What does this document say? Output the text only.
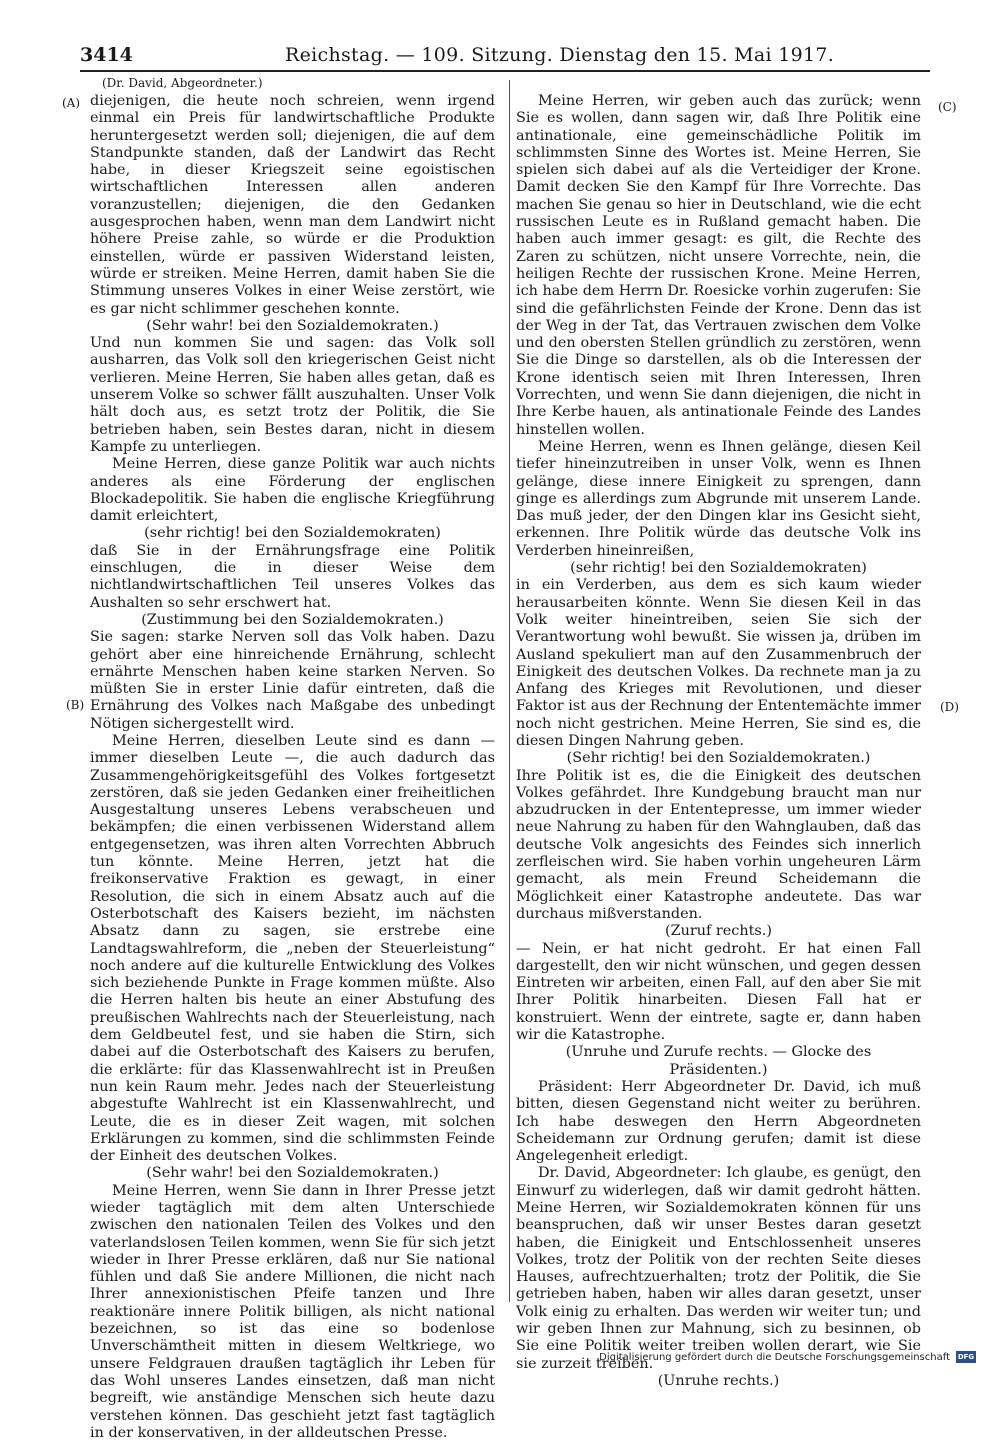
3414	Reichstag. — 109. Sitzung. Dienstag den 15. Mai 1917.
(Dr. David, Abgeordneter.)
(A)
(B)
(C)
(D)

diejenigen, die heute noch schreien, wenn irgend einmal ein Preis für landwirtschaftliche Produkte heruntergesetzt werden soll; diejenigen, die auf dem Standpunkte standen, daß der Landwirt das Recht habe, in dieser Kriegszeit seine egoistischen wirtschaftlichen Interessen allen anderen voranzustellen; diejenigen, die den Gedanken ausgesprochen haben, wenn man dem Landwirt nicht höhere Preise zahle, so würde er die Produktion einstellen, würde er passiven Widerstand leisten, würde er streiken. Meine Herren, damit haben Sie die Stimmung unseres Volkes in einer Weise zerstört, wie es gar nicht schlimmer geschehen konnte.

(Sehr wahr! bei den Sozialdemokraten.)

Und nun kommen Sie und sagen: das Volk soll ausharren, das Volk soll den kriegerischen Geist nicht verlieren. Meine Herren, Sie haben alles getan, daß es unserem Volke so schwer fällt auszuhalten. Unser Volk hält doch aus, es setzt trotz der Politik, die Sie betrieben haben, sein Bestes daran, nicht in diesem Kampfe zu unterliegen.

Meine Herren, diese ganze Politik war auch nichts anderes als eine Förderung der englischen Blockadepolitik. Sie haben die englische Kriegführung damit erleichtert,

(sehr richtig! bei den Sozialdemokraten)

daß Sie in der Ernährungsfrage eine Politik einschlugen, die in dieser Weise dem nichtlandwirtschaftlichen Teil unseres Volkes das Aushalten so sehr erschwert hat.

(Zustimmung bei den Sozialdemokraten.)

Sie sagen: starke Nerven soll das Volk haben. Dazu gehört aber eine hinreichende Ernährung, schlecht ernährte Menschen haben keine starken Nerven. So müßten Sie in erster Linie dafür eintreten, daß die Ernährung des Volkes nach Maßgabe des unbedingt Nötigen sichergestellt wird.

Meine Herren, dieselben Leute sind es dann — immer dieselben Leute —, die auch dadurch das Zusammengehörigkeitsgefühl des Volkes fortgesetzt zerstören, daß sie jeden Gedanken einer freiheitlichen Ausgestaltung unseres Lebens verabscheuen und bekämpfen; die einen verbissenen Widerstand allem entgegensetzen, was ihren alten Vorrechten Abbruch tun könnte. Meine Herren, jetzt hat die freikonservative Fraktion es gewagt, in einer Resolution, die sich in einem Absatz auch auf die Osterbotschaft des Kaisers bezieht, im nächsten Absatz dann zu sagen, sie erstrebe eine Landtagswahlreform, die „neben der Steuerleistung“ noch andere auf die kulturelle Entwicklung des Volkes sich beziehende Punkte in Frage kommen müßte. Also die Herren halten bis heute an einer Abstufung des preußischen Wahlrechts nach der Steuerleistung, nach dem Geldbeutel fest, und sie haben die Stirn, sich dabei auf die Osterbotschaft des Kaisers zu berufen, die erklärte: für das Klassenwahlrecht ist in Preußen nun kein Raum mehr. Jedes nach der Steuerleistung abgestufte Wahlrecht ist ein Klassenwahlrecht, und Leute, die es in dieser Zeit wagen, mit solchen Erklärungen zu kommen, sind die schlimmsten Feinde der Einheit des deutschen Volkes.

(Sehr wahr! bei den Sozialdemokraten.)

Meine Herren, wenn Sie dann in Ihrer Presse jetzt wieder tagtäglich mit dem alten Unterschiede zwischen den nationalen Teilen des Volkes und den vaterlandslosen Teilen kommen, wenn Sie für sich jetzt wieder in Ihrer Presse erklären, daß nur Sie national fühlen und daß Sie andere Millionen, die nicht nach Ihrer annexionistischen Pfeife tanzen und Ihre reaktionäre innere Politik billigen, als nicht national bezeichnen, so ist das eine so bodenlose Unverschämtheit mitten in diesem Weltkriege, wo unsere Feldgrauen draußen tagtäglich ihr Leben für das Wohl unseres Landes einsetzen, daß man nicht begreift, wie anständige Menschen sich heute dazu verstehen können. Das geschieht jetzt fast tagtäglich in der konservativen, in der alldeutschen Presse.

Meine Herren, wir geben auch das zurück; wenn Sie es wollen, dann sagen wir, daß Ihre Politik eine antinationale, eine gemeinschädliche Politik im schlimmsten Sinne des Wortes ist. Meine Herren, Sie spielen sich dabei auf als die Verteidiger der Krone. Damit decken Sie den Kampf für Ihre Vorrechte. Das machen Sie genau so hier in Deutschland, wie die echt russischen Leute es in Rußland gemacht haben. Die haben auch immer gesagt: es gilt, die Rechte des Zaren zu schützen, nicht unsere Vorrechte, nein, die heiligen Rechte der russischen Krone. Meine Herren, ich habe dem Herrn Dr. Roesicke vorhin zugerufen: Sie sind die gefährlichsten Feinde der Krone. Denn das ist der Weg in der Tat, das Vertrauen zwischen dem Volke und den obersten Stellen gründlich zu zerstören, wenn Sie die Dinge so darstellen, als ob die Interessen der Krone identisch seien mit Ihren Interessen, Ihren Vorrechten, und wenn Sie dann diejenigen, die nicht in Ihre Kerbe hauen, als antinationale Feinde des Landes hinstellen wollen.

Meine Herren, wenn es Ihnen gelänge, diesen Keil tiefer hineinzutreiben in unser Volk, wenn es Ihnen gelänge, diese innere Einigkeit zu sprengen, dann ginge es allerdings zum Abgrunde mit unserem Lande. Das muß jeder, der den Dingen klar ins Gesicht sieht, erkennen. Ihre Politik würde das deutsche Volk ins Verderben hineinreißen,

(sehr richtig! bei den Sozialdemokraten)

in ein Verderben, aus dem es sich kaum wieder herausarbeiten könnte. Wenn Sie diesen Keil in das Volk weiter hineintreiben, seien Sie sich der Verantwortung wohl bewußt. Sie wissen ja, drüben im Ausland spekuliert man auf den Zusammenbruch der Einigkeit des deutschen Volkes. Da rechnete man ja zu Anfang des Krieges mit Revolutionen, und dieser Faktor ist aus der Rechnung der Ententemächte immer noch nicht gestrichen. Meine Herren, Sie sind es, die diesen Dingen Nahrung geben.

(Sehr richtig! bei den Sozialdemokraten.)

Ihre Politik ist es, die die Einigkeit des deutschen Volkes gefährdet. Ihre Kundgebung braucht man nur abzudrucken in der Ententepresse, um immer wieder neue Nahrung zu haben für den Wahnglauben, daß das deutsche Volk angesichts des Feindes sich innerlich zerfleischen wird. Sie haben vorhin ungeheuren Lärm gemacht, als mein Freund Scheidemann die Möglichkeit einer Katastrophe andeutete. Das war durchaus mißverstanden.

(Zuruf rechts.)

— Nein, er hat nicht gedroht. Er hat einen Fall dargestellt, den wir nicht wünschen, und gegen dessen Eintreten wir arbeiten, einen Fall, auf den aber Sie mit Ihrer Politik hinarbeiten. Diesen Fall hat er konstruiert. Wenn der eintrete, sagte er, dann haben wir die Katastrophe.

(Unruhe und Zurufe rechts. — Glocke des Präsidenten.)

Präsident: Herr Abgeordneter Dr. David, ich muß bitten, diesen Gegenstand nicht weiter zu berühren. Ich habe deswegen den Herrn Abgeordneten Scheidemann zur Ordnung gerufen; damit ist diese Angelegenheit erledigt.

Dr. David, Abgeordneter: Ich glaube, es genügt, den Einwurf zu widerlegen, daß wir damit gedroht hätten. Meine Herren, wir Sozialdemokraten können für uns beanspruchen, daß wir unser Bestes daran gesetzt haben, die Einigkeit und Entschlossenheit unseres Volkes, trotz der Politik von der rechten Seite dieses Hauses, aufrechtzuerhalten; trotz der Politik, die Sie getrieben haben, haben wir alles daran gesetzt, unser Volk einig zu erhalten. Das werden wir weiter tun; und wir geben Ihnen zur Mahnung, sich zu besinnen, ob Sie eine Politik weiter treiben wollen derart, wie Sie sie zurzeit treiben.

(Unruhe rechts.)

Digitalisierung gefördert durch die Deutsche Forschungsgemeinschaft DFG
